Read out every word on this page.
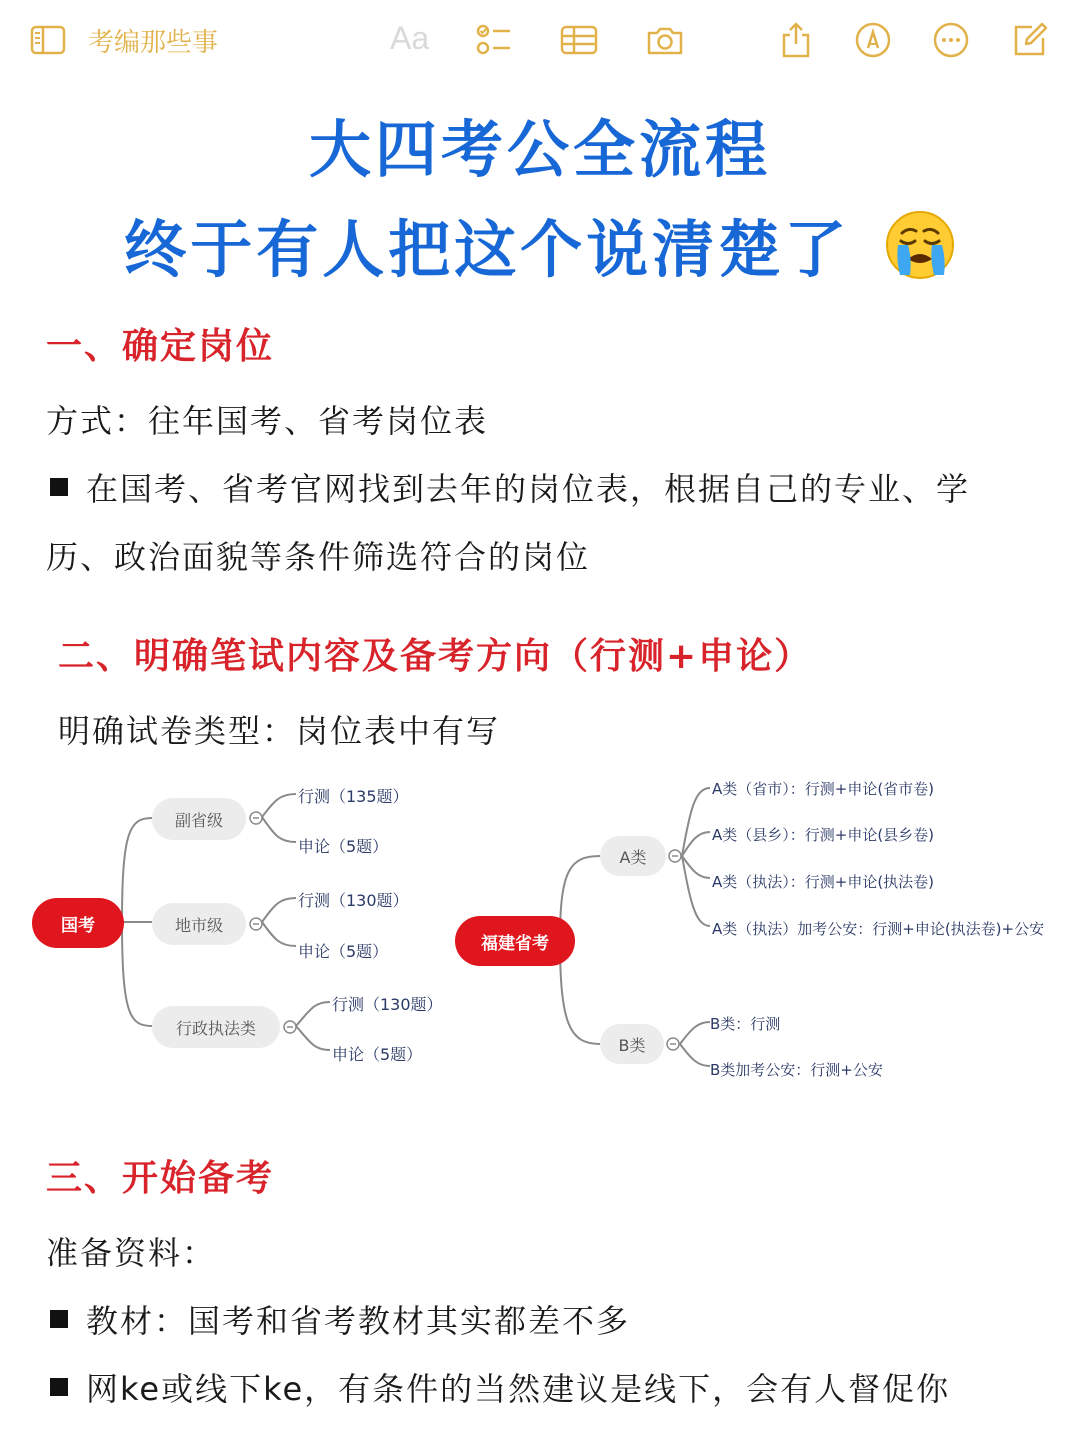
考编那些事	Aa
大四考公全流程
终于有人把这个说清楚了
一、确定岗位
方式：往年国考、省考岗位表
在国考、省考官网找到去年的岗位表，根据自己的专业、学
历、政治面貌等条件筛选符合的岗位
二、明确笔试内容及备考方向（行测+申论）
明确试卷类型：岗位表中有写
国考
副省级
地市级
行政执法类
行测（135题）
申论（5题）
行测（130题）
申论（5题）
行测（130题）
申论（5题）
福建省考
A类
B类
A类（省市）：行测+申论(省市卷)
A类（县乡）：行测+申论(县乡卷)
A类（执法）：行测+申论(执法卷)
A类（执法）加考公安：行测+申论(执法卷)+公安
B类：行测
B类加考公安：行测+公安
三、开始备考
准备资料：
教材：国考和省考教材其实都差不多
网ke或线下ke，有条件的当然建议是线下，会有人督促你
